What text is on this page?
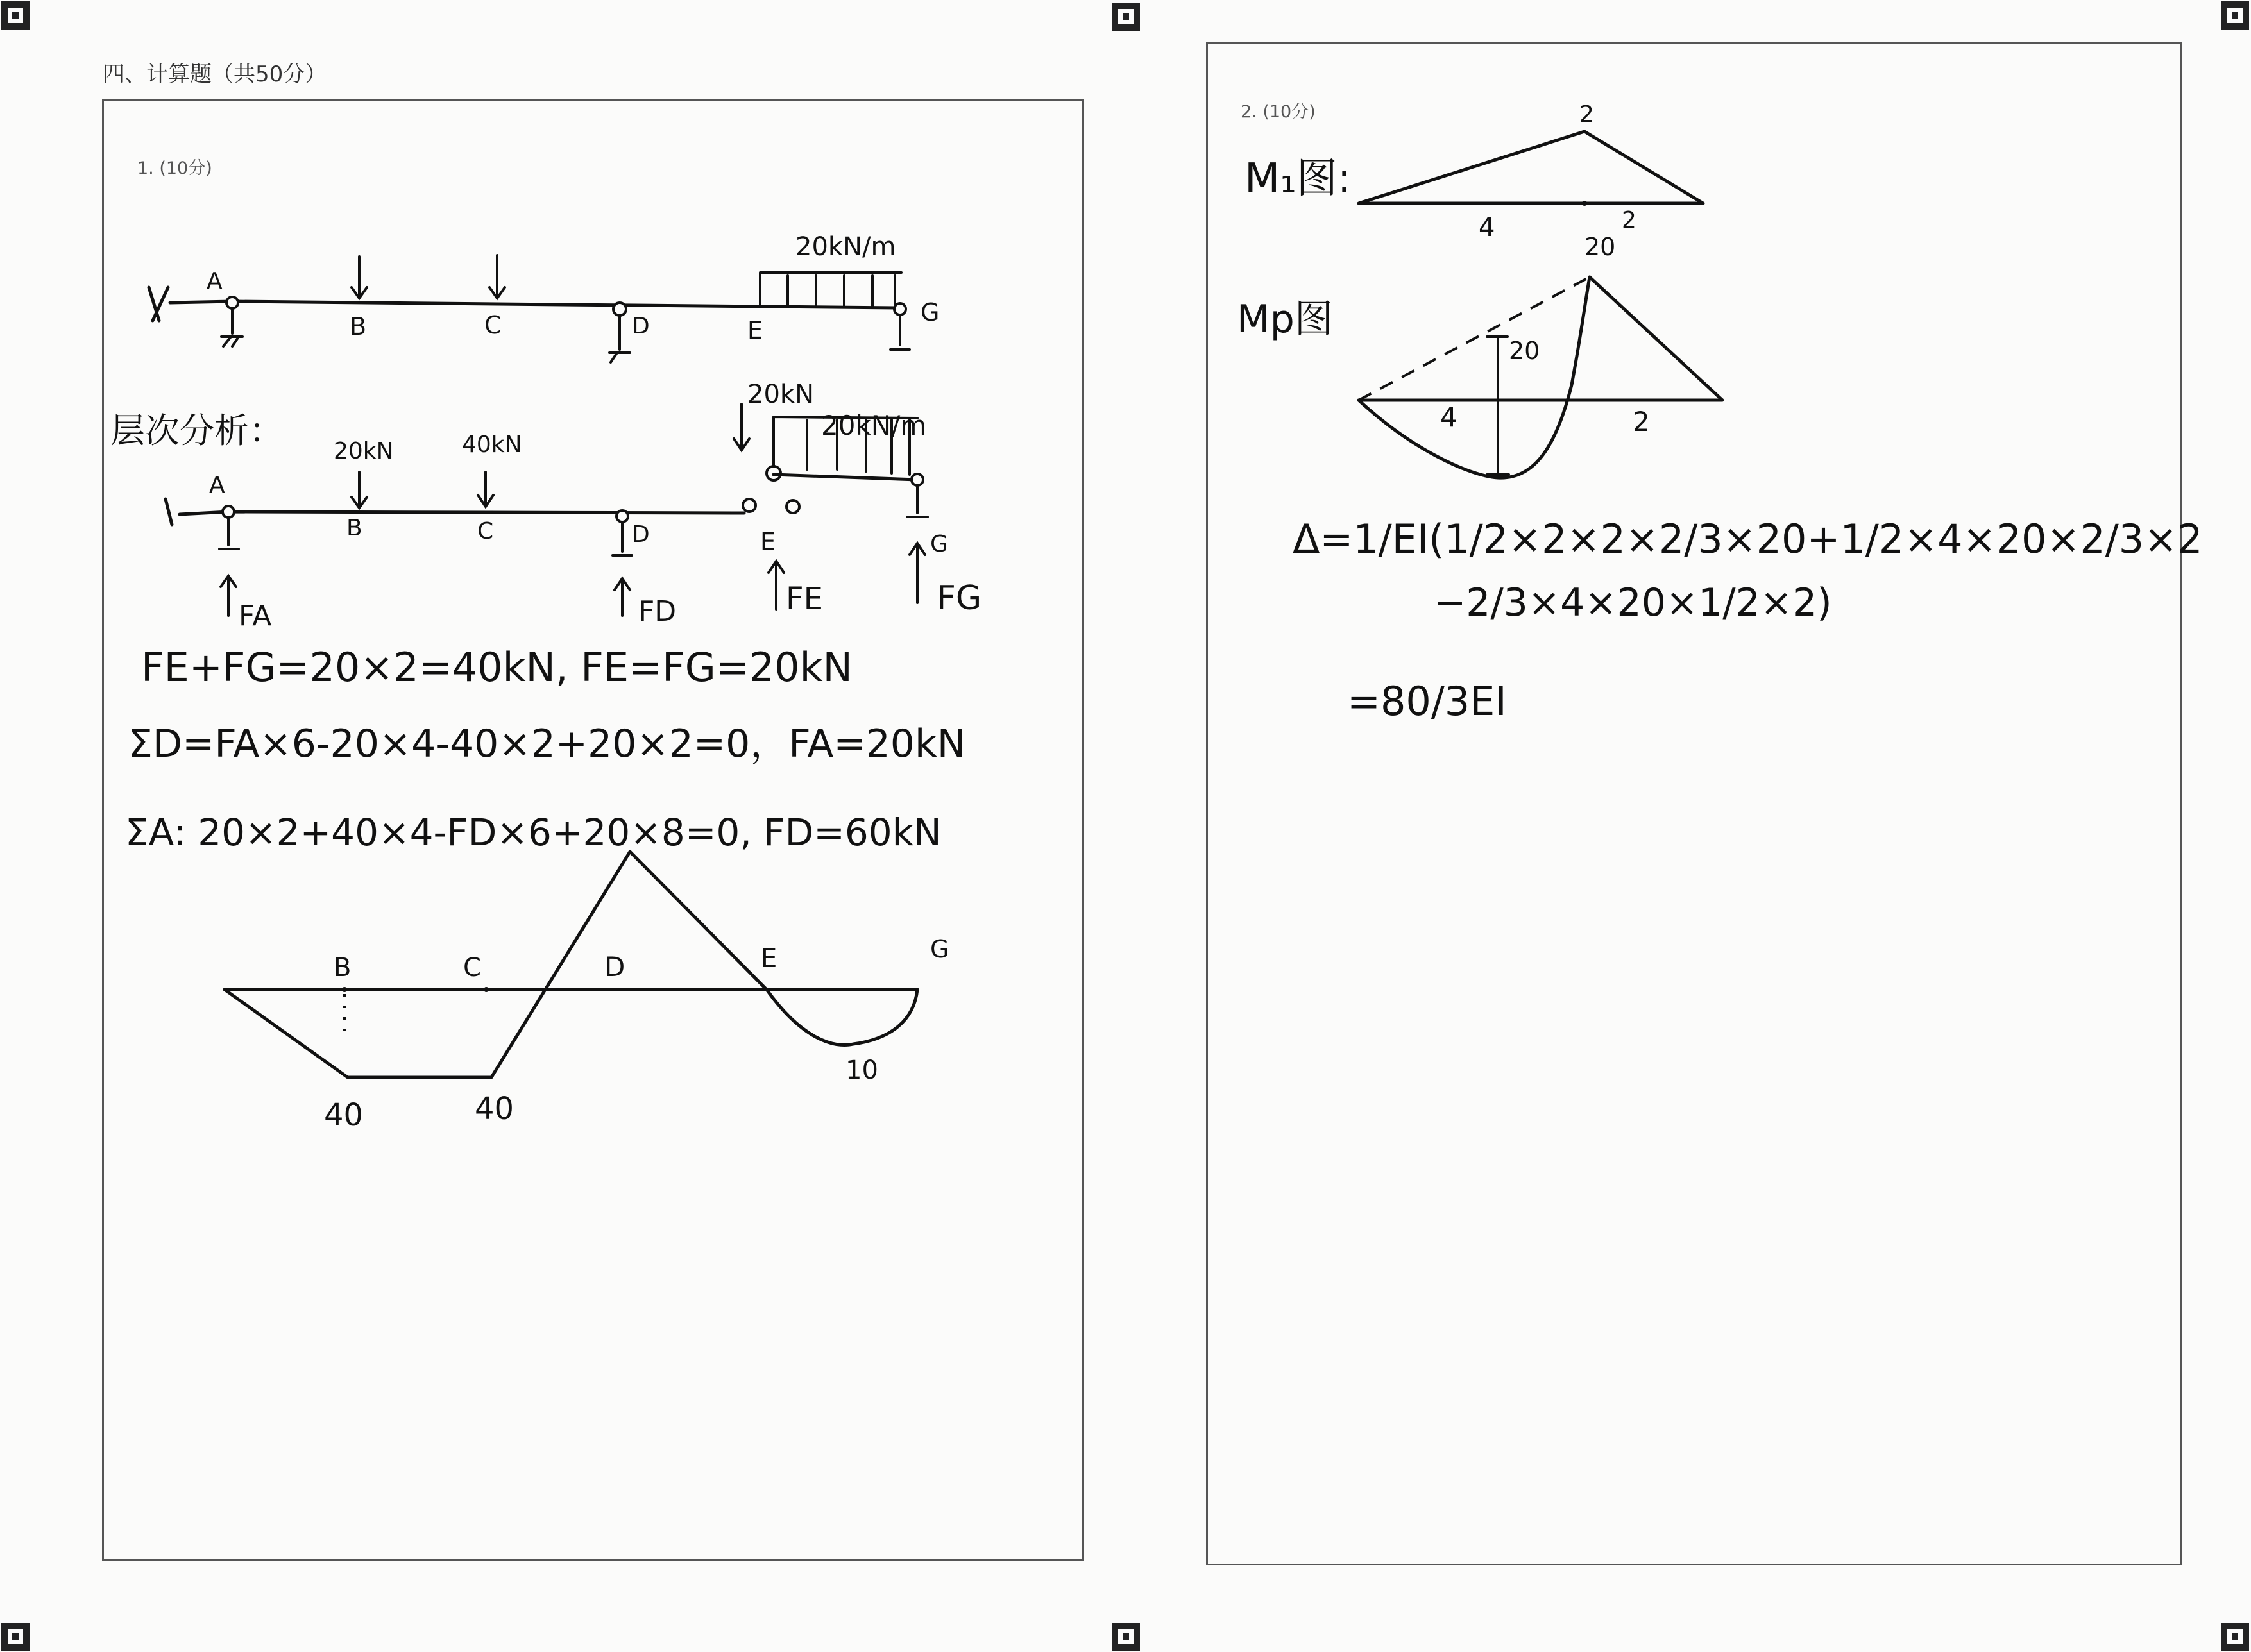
四、计算题（共50分）
1. (10分)
2. (10分)
A
B	C	D	E
G
20kN/m
层次分析：
20kN	40kN
20kN
20kN/m
A
B	C	D	E	G
FA	FD	FE	FG
FE+FG=20×2=40kN, FE=FG=20kN
ΣD=FA×6-20×4-40×2+20×2=0，FA=20kN
ΣA: 20×2+40×4-FD×6+20×8=0, FD=60kN
B	C	D	E	G
40	40
10
M₁图:
2
4	2
Mp图
20
20
4	2
Δ=1/EI(1/2×2×2×2/3×20+1/2×4×20×2/3×2
−2/3×4×20×1/2×2)
=80/3EI
